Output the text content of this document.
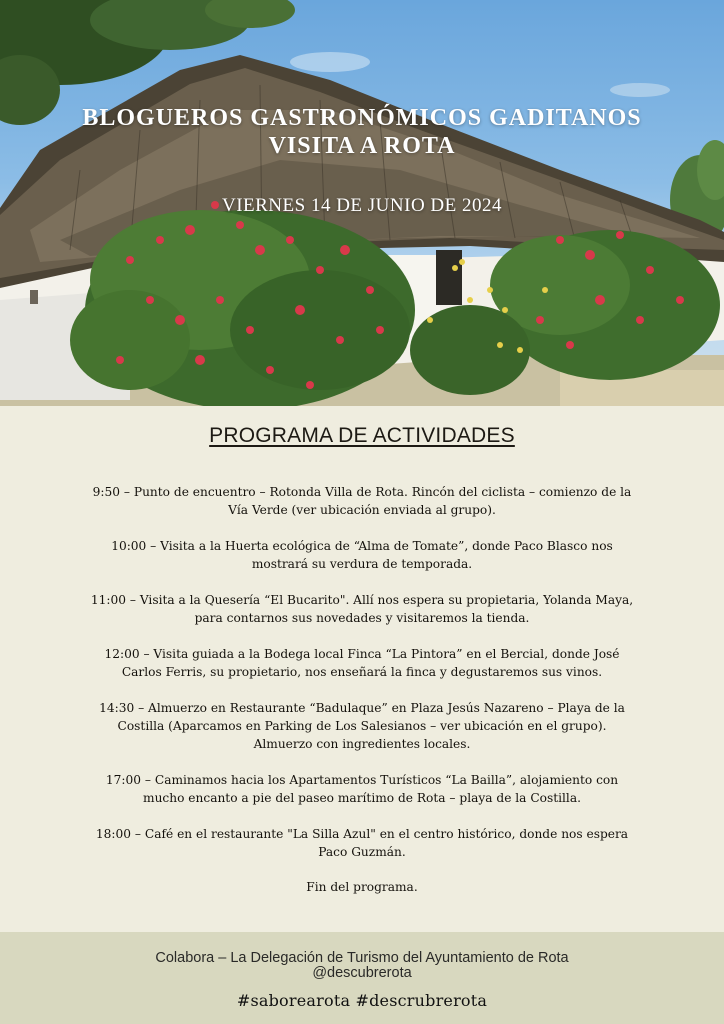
BLOGUEROS GASTRONÓMICOS GADITANOS
VISITA A ROTA
VIERNES 14 DE JUNIO DE 2024
PROGRAMA DE ACTIVIDADES

9:50 – Punto de encuentro – Rotonda Villa de Rota. Rincón del ciclista – comienzo de la Vía Verde (ver ubicación enviada al grupo).

10:00 – Visita a la Huerta ecológica de “Alma de Tomate”, donde Paco Blasco nos mostrará su verdura de temporada.

11:00 – Visita a la Quesería “El Bucarito". Allí nos espera su propietaria, Yolanda Maya, para contarnos sus novedades y visitaremos la tienda.

12:00 – Visita guiada a la Bodega local Finca “La Pintora” en el Bercial, donde José Carlos Ferris, su propietario, nos enseñará la finca y degustaremos sus vinos.

14:30 – Almuerzo en Restaurante “Badulaque” en Plaza Jesús Nazareno – Playa de la Costilla (Aparcamos en Parking de Los Salesianos – ver ubicación en el grupo). Almuerzo con ingredientes locales.

17:00 – Caminamos hacia los Apartamentos Turísticos “La Bailla”, alojamiento con mucho encanto a pie del paseo marítimo de Rota – playa de la Costilla.

18:00 – Café en el restaurante "La Silla Azul" en el centro histórico, donde nos espera Paco Guzmán.

Fin del programa.

Colabora – La Delegación de Turismo del Ayuntamiento de Rota
@descubrerota
#saborearota #descrubrerota
